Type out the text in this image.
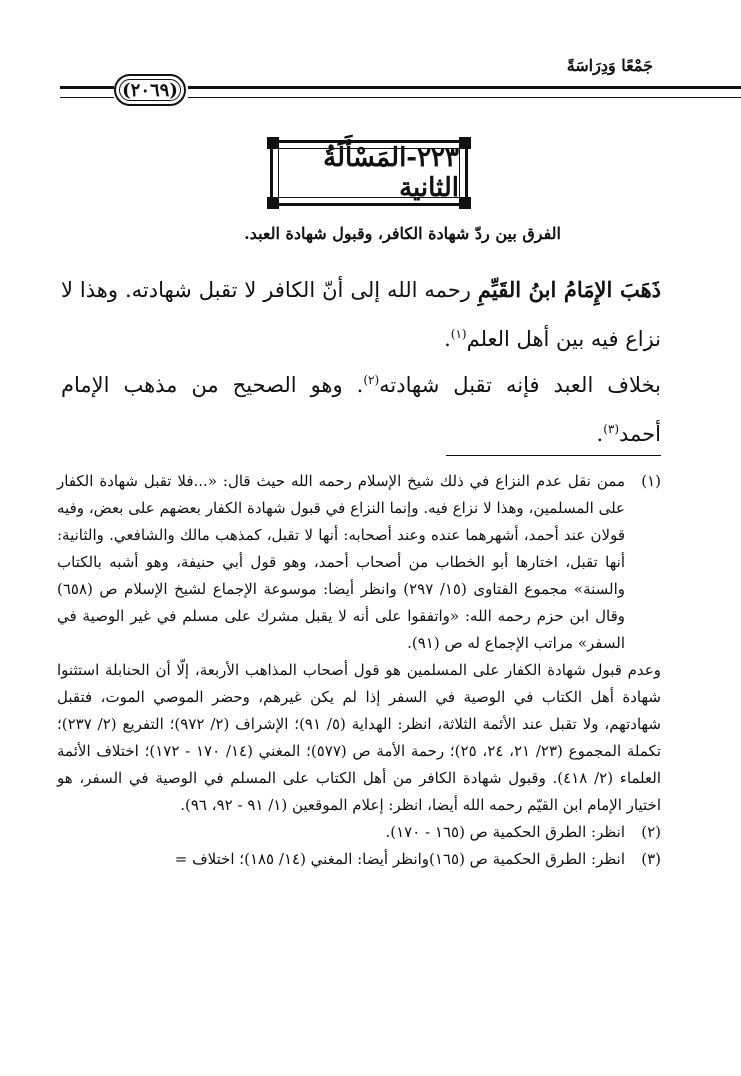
جَمْعًا وَدِرَاسَةً
(٢٠٦٩)
٢٢٣-المَسْأَلَةُ الثانية
الفرق بين ردّ شهادة الكافر، وقبول شهادة العبد.
ذَهَبَ الإِمَامُ ابنُ القَيِّمِ رحمه الله إلى أنّ الكافر لا تقبل شهادته. وهذا لا نزاع فيه بين أهل العلم$^{(١)}$.
بخلاف العبد فإنه تقبل شهادته$^{(٢)}$. وهو الصحيح من مذهب الإمام أحمد$^{(٣)}$.
(١)
ممن نقل عدم النزاع في ذلك شيخ الإسلام رحمه الله حيث قال: «...فلا تقبل شهادة الكفار على المسلمين، وهذا لا نزاع فيه. وإنما النزاع في قبول شهادة الكفار بعضهم على بعض، وفيه قولان عند أحمد، أشهرهما عنده وعند أصحابه: أنها لا تقبل، كمذهب مالك والشافعي. والثانية: أنها تقبل، اختارها أبو الخطاب من أصحاب أحمد، وهو قول أبي حنيفة، وهو أشبه بالكتاب والسنة» مجموع الفتاوى (١٥/ ٢٩٧) وانظر أيضا: موسوعة الإجماع لشيخ الإسلام ص (٦٥٨) وقال ابن حزم رحمه الله: «واتفقوا على أنه لا يقبل مشرك على مسلم في غير الوصية في السفر» مراتب الإجماع له ص (٩١).
وعدم قبول شهادة الكفار على المسلمين هو قول أصحاب المذاهب الأربعة، إلّا أن الحنابلة استثنوا شهادة أهل الكتاب في الوصية في السفر إذا لم يكن غيرهم، وحضر الموصي الموت، فتقبل شهادتهم، ولا تقبل عند الأئمة الثلاثة، انظر: الهداية (٥/ ٩١)؛ الإشراف (٢/ ٩٧٢)؛ التفريع (٢/ ٢٣٧)؛ تكملة المجموع (٢٣/ ٢١، ٢٤، ٢٥)؛ رحمة الأمة ص (٥٧٧)؛ المغني (١٤/ ١٧٠ - ١٧٢)؛ اختلاف الأئمة العلماء (٢/ ٤١٨). وقبول شهادة الكافر من أهل الكتاب على المسلم في الوصية في السفر، هو اختيار الإمام ابن القيّم رحمه الله أيضا، انظر: إعلام الموقعين (١/ ٩١ - ٩٢، ٩٦).
(٢)
انظر: الطرق الحكمية ص (١٦٥ - ١٧٠).
(٣)
انظر: الطرق الحكمية ص (١٦٥)وانظر أيضا: المغني (١٤/ ١٨٥)؛ اختلاف =
